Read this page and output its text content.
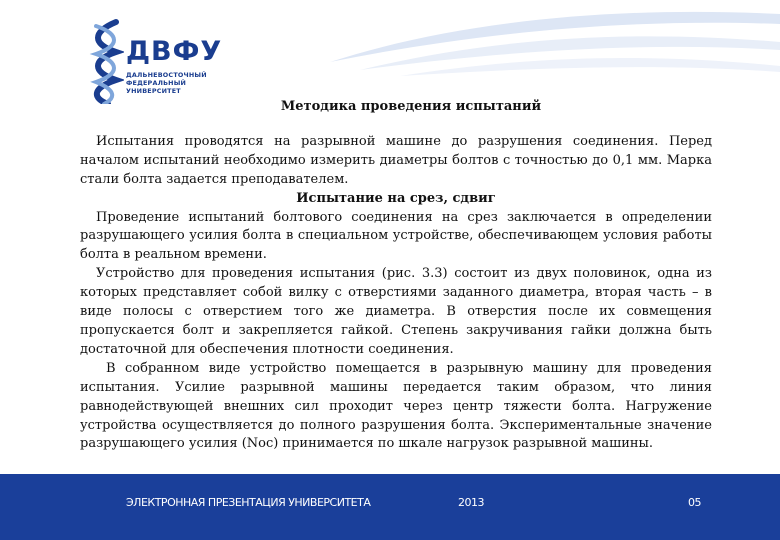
ДВФУ
ДАЛЬНЕВОСТОЧНЫЙ
ФЕДЕРАЛЬНЫЙ
УНИВЕРСИТЕТ

Методика проведения испытаний

Испытания проводятся на разрывной машине до разрушения соединения. Перед началом испытаний необходимо измерить диаметры болтов с точностью до 0,1 мм. Марка стали болта задается преподавателем.

Испытание на срез, сдвиг

Проведение испытаний болтового соединения на срез заключается в определении разрушающего усилия болта в специальном устройстве, обеспечивающем условия работы болта в реальном времени.

Устройство для проведения испытания (рис. 3.3) состоит из двух половинок, одна из которых представляет собой вилку с отверстиями заданного диаметра, вторая часть – в виде полосы с отверстием того же диаметра. В отверстия после их совмещения пропускается болт и закрепляется гайкой. Степень закручивания гайки должна быть достаточной для обеспечения плотности соединения.

В собранном виде устройство помещается в разрывную машину для проведения испытания. Усилие разрывной машины передается таким образом, что линия равнодействующей внешних сил проходит через центр тяжести болта. Нагружение устройства осуществляется до полного разрушения болта. Экспериментальные значение разрушающего усилия (Nос) принимается по шкале нагрузок разрывной машины.

ЭЛЕКТРОННАЯ ПРЕЗЕНТАЦИЯ УНИВЕРСИТЕТА	2013	05
